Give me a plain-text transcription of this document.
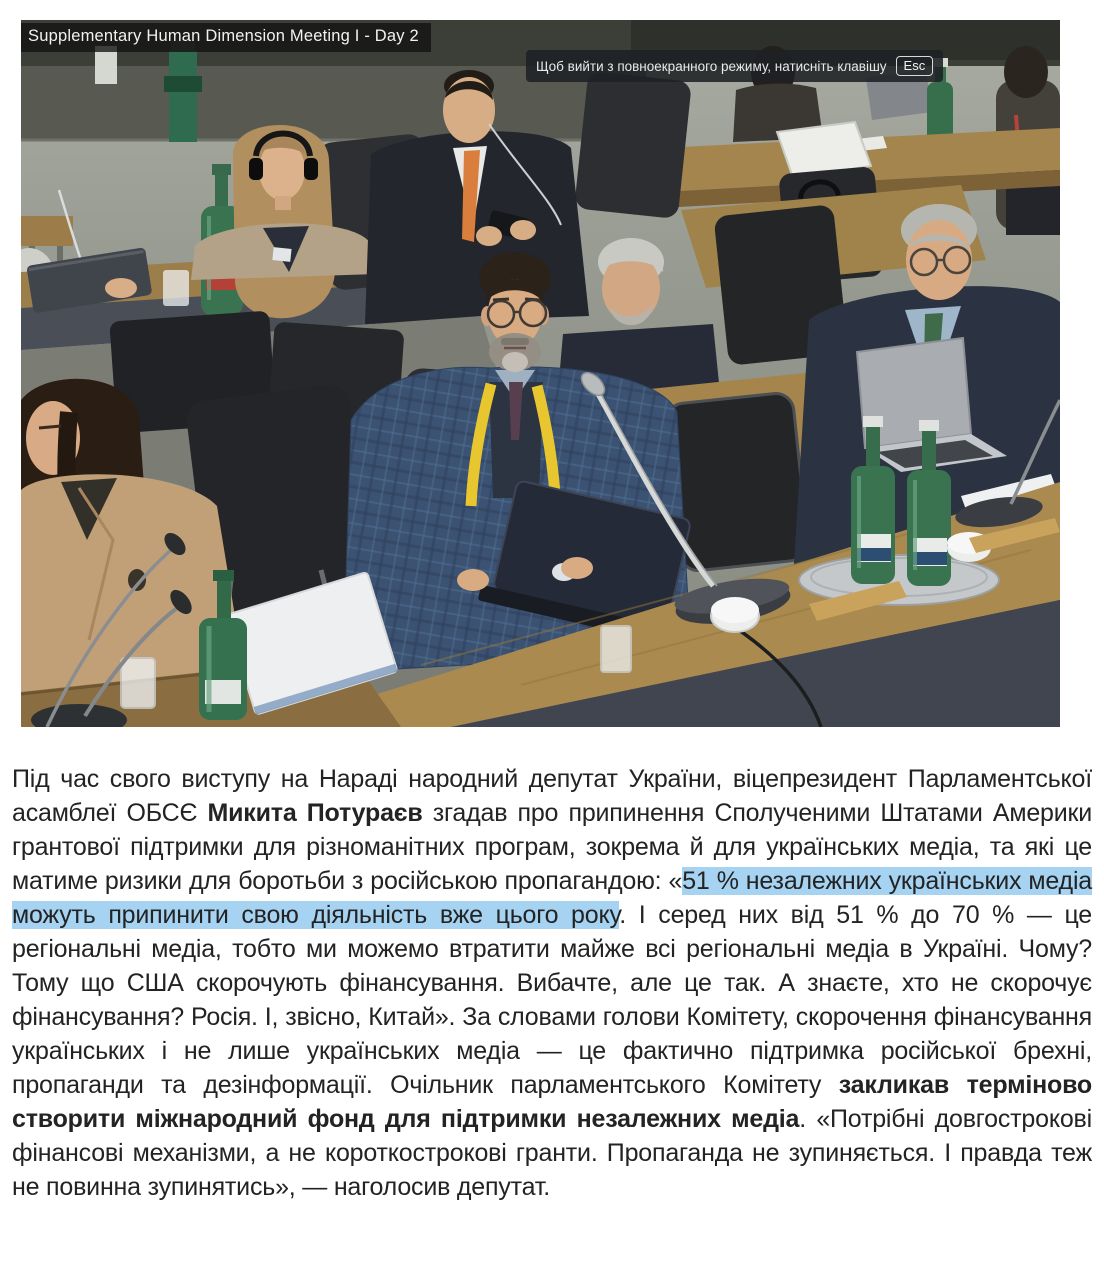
Supplementary Human Dimension Meeting I - Day 2
Щоб вийти з повноекранного режиму, натисніть клавішу	Esc
Під час свого виступу на Нараді народний депутат України, віцепрезидент Парламентської асамблеї ОБСЄ Микита Потураєв згадав про припинення Сполученими Штатами Америки грантової підтримки для різноманітних програм, зокрема й для українських медіа, та які це матиме ризики для боротьби з російською пропагандою: «51 % незалежних українських медіа можуть припинити свою діяльність вже цього року. І серед них від 51 % до 70 % — це регіональні медіа, тобто ми можемо втратити майже всі регіональні медіа в Україні. Чому? Тому що США скорочують фінансування. Вибачте, але це так. А знаєте, хто не скорочує фінансування? Росія. І, звісно, Китай». За словами голови Комітету, скорочення фінансування українських і не лише українських медіа — це фактично підтримка російської брехні, пропаганди та дезінформації. Очільник парламентського Комітету закликав терміново створити міжнародний фонд для підтримки незалежних медіа. «Потрібні довгострокові фінансові механізми, а не короткострокові гранти. Пропаганда не зупиняється. І правда теж не повинна зупинятись», — наголосив депутат.
